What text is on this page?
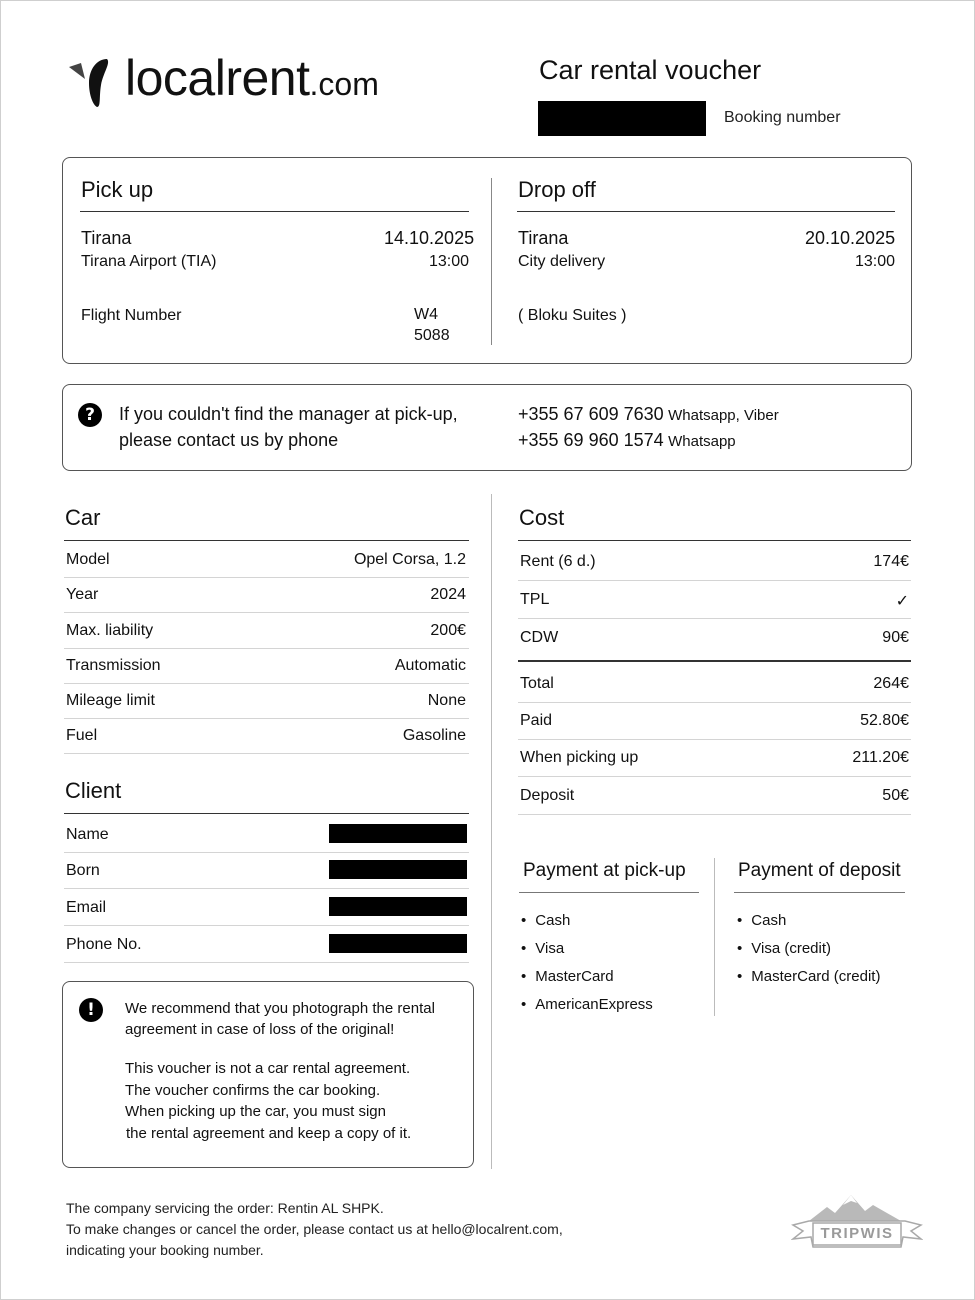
localrent.com	Car rental voucher
Booking number
Pick up
Tirana	14.10.2025
Tirana Airport (TIA)	13:00
Flight Number	W4
5088
Drop off
Tirana	20.10.2025
City delivery	13:00
( Bloku Suites )
?	If you couldn't find the manager at pick-up,
please contact us by phone
+355 67 609 7630 Whatsapp, Viber
+355 69 960 1574 Whatsapp
Car
Client
!	We recommend that you photograph the rental
agreement in case of loss of the original!
This voucher is not a car rental agreement.
The voucher confirms the car booking.
When picking up the car, you must sign
the rental agreement and keep a copy of it.
Cost
Payment at pick-up	Payment of deposit
The company servicing the order: Rentin AL SHPK.
To make changes or cancel the order, please contact us at hello@localrent.com,
indicating your booking number.
TRIPWIS
Model	Opel Corsa, 1.2
Year	2024
Max. liability	200€
Transmission	Automatic
Mileage limit	None
Fuel	Gasoline
Name
Born
Email
Phone No.
Rent (6 d.)	174€
TPL	✓
CDW	90€
Total	264€
Paid	52.80€
When picking up	211.20€
Deposit	50€
• Cash
• Visa
• MasterCard
• AmericanExpress
• Cash
• Visa (credit)
• MasterCard (credit)
